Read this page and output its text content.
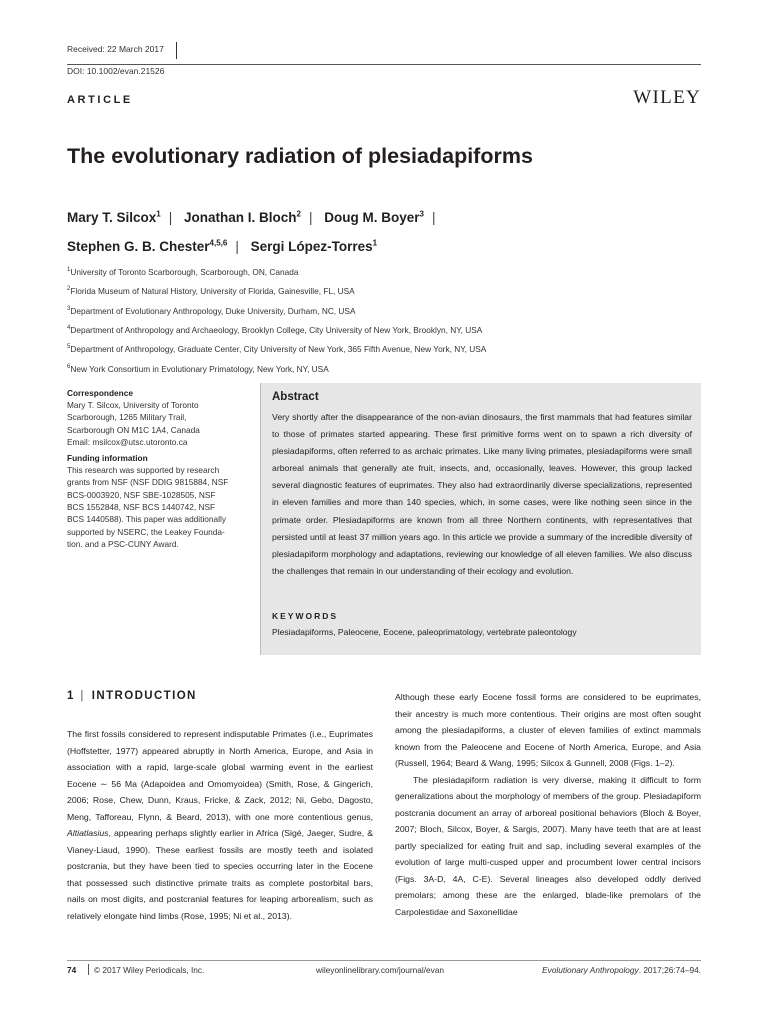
Received: 22 March 2017
DOI: 10.1002/evan.21526
ARTICLE	WILEY
The evolutionary radiation of plesiadapiforms
Mary T. Silcox$^1$ | Jonathan I. Bloch$^2$ | Doug M. Boyer$^3$ |
Stephen G. B. Chester$^{4,5,6}$ | Sergi López-Torres$^1$
$^1$University of Toronto Scarborough, Scarborough, ON, Canada
$^2$Florida Museum of Natural History, University of Florida, Gainesville, FL, USA
$^3$Department of Evolutionary Anthropology, Duke University, Durham, NC, USA
$^4$Department of Anthropology and Archaeology, Brooklyn College, City University of New York, Brooklyn, NY, USA
$^5$Department of Anthropology, Graduate Center, City University of New York, 365 Fifth Avenue, New York, NY, USA
$^6$New York Consortium in Evolutionary Primatology, New York, NY, USA
Correspondence
Mary T. Silcox, University of Toronto
Scarborough, 1265 Military Trail,
Scarborough ON M1C 1A4, Canada
Email: msilcox@utsc.utoronto.ca
Funding information
This research was supported by research
grants from NSF (NSF DDIG 9815884, NSF
BCS-0003920, NSF SBE-1028505, NSF
BCS 1552848, NSF BCS 1440742, NSF
BCS 1440588). This paper was additionally
supported by NSERC, the Leakey Founda-
tion. and a PSC-CUNY Award.
Abstract
Very shortly after the disappearance of the non-avian dinosaurs, the first mammals that had features similar to those of primates started appearing. These first primitive forms went on to spawn a rich diversity of plesiadapiforms, often referred to as archaic primates. Like many living primates, plesiadapiforms were small arboreal animals that generally ate fruit, insects, and, occasionally, leaves. However, this group lacked several diagnostic features of euprimates. They also had extraordinarily diverse specializations, represented in eleven families and more than 140 species, which, in some cases, were like nothing seen since in the primate order. Plesiadapiforms are known from all three Northern continents, with representatives that persisted until at least 37 million years ago. In this article we provide a summary of the incredible diversity of plesiadapiform morphology and adaptations, reviewing our knowledge of all eleven families. We also discuss the challenges that remain in our understanding of their ecology and evolution.
KEYWORDS
Plesiadapiforms, Paleocene, Eocene, paleoprimatology, vertebrate paleontology
1 | INTRODUCTION

The first fossils considered to represent indisputable Primates (i.e., Euprimates (Hoffstetter, 1977) appeared abruptly in North America, Europe, and Asia in association with a rapid, large-scale global warming event in the earliest Eocene ∼ 56 Ma (Adapoidea and Omomyoidea) (Smith, Rose, & Gingerich, 2006; Rose, Chew, Dunn, Kraus, Fricke, & Zack, 2012; Ni, Gebo, Dagosto, Meng, Tafforeau, Flynn, & Beard, 2013), with one more contentious genus, Altiatlasius, appearing perhaps slightly earlier in Africa (Sigé, Jaeger, Sudre, & Vianey-Liaud, 1990). These earliest fossils are mostly teeth and isolated postcrania, but they have been tied to species occurring later in the Eocene that possessed such distinctive primate traits as complete postorbital bars, nails on most digits, and postcranial features for leaping arborealism, such as relatively elongate hind limbs (Rose, 1995; Ni et al., 2013).

Although these early Eocene fossil forms are considered to be euprimates, their ancestry is much more contentious. Their origins are most often sought among the plesiadapiforms, a cluster of eleven families of extinct mammals known from the Paleocene and Eocene of North America, Europe, and Asia (Russell, 1964; Beard & Wang, 1995; Silcox & Gunnell, 2008 (Figs. 1–2).

The plesiadapiform radiation is very diverse, making it difficult to form generalizations about the morphology of members of the group. Plesiadapiform postcrania document an array of arboreal positional behaviors (Bloch & Boyer, 2007; Bloch, Silcox, Boyer, & Sargis, 2007). Many have teeth that are at least partly specialized for eating fruit and sap, including several examples of the evolution of large multi-cusped upper and procumbent lower central incisors (Figs. 3A-D, 4A, C-E). Several lineages also developed oddly derived premolars; among these are the enlarged, blade-like premolars of the Carpolestidae and Saxonellidae

74 © 2017 Wiley Periodicals, Inc.	wileyonlinelibrary.com/journal/evan	Evolutionary Anthropology. 2017;26:74–94.
